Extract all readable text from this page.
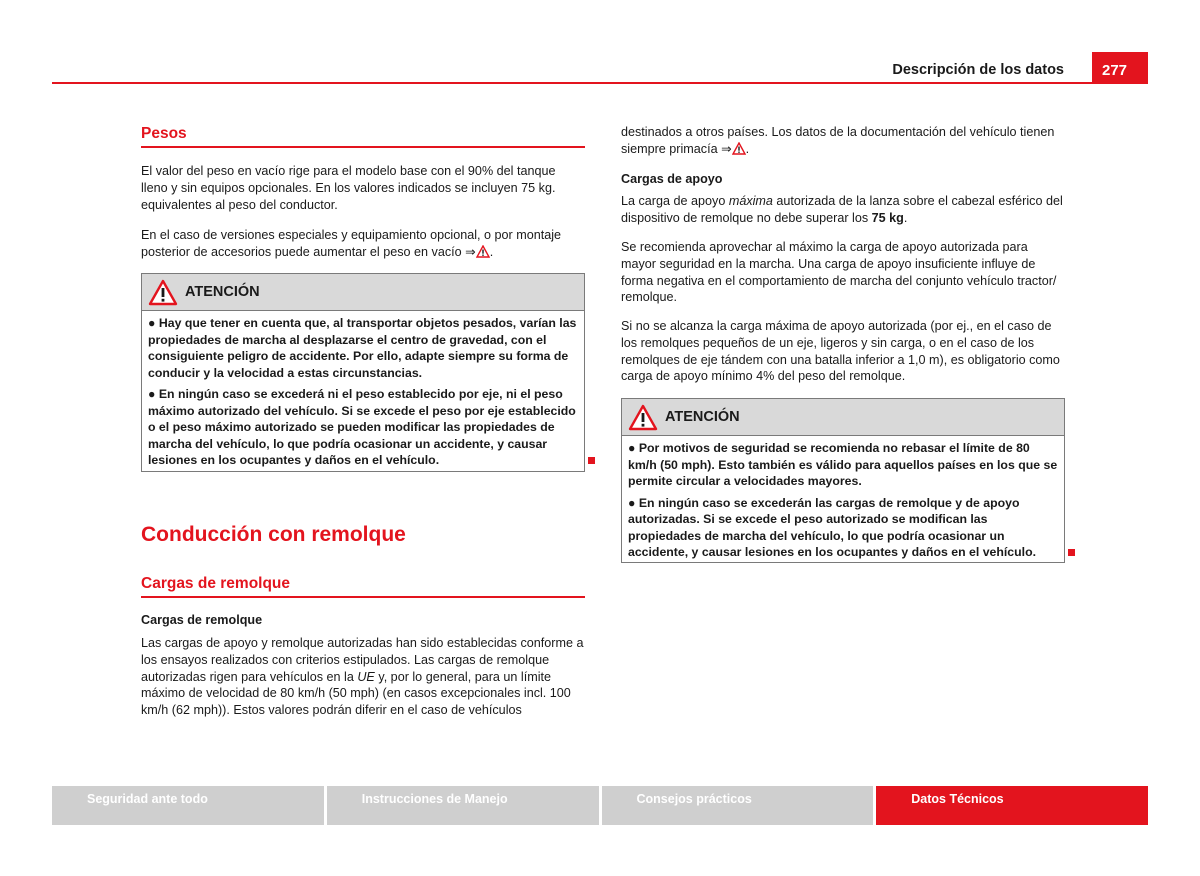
Descripción de los datos	277
Pesos

El valor del peso en vacío rige para el modelo base con el 90% del tanque lleno y sin equipos opcionales. En los valores indicados se incluyen 75 kg. equivalentes al peso del conductor.

En el caso de versiones especiales y equipamiento opcional, o por montaje posterior de accesorios puede aumentar el peso en vacío ⇒ .

ATENCIÓN

● Hay que tener en cuenta que, al transportar objetos pesados, varían las propiedades de marcha al desplazarse el centro de gravedad, con el consiguiente peligro de accidente. Por ello, adapte siempre su forma de conducir y la velocidad a estas circunstancias.

● En ningún caso se excederá ni el peso establecido por eje, ni el peso máximo autorizado del vehículo. Si se excede el peso por eje establecido o el peso máximo autorizado se pueden modificar las propiedades de marcha del vehículo, lo que podría ocasionar un accidente, y causar lesiones en los ocupantes y daños en el vehículo.

Conducción con remolque
Cargas de remolque
Cargas de remolque

Las cargas de apoyo y remolque autorizadas han sido establecidas conforme a los ensayos realizados con criterios estipulados. Las cargas de remolque autorizadas rigen para vehículos en la UE y, por lo general, para un límite máximo de velocidad de 80 km/h (50 mph) (en casos excepcionales incl. 100 km/h (62 mph)). Estos valores podrán diferir en el caso de vehículos

destinados a otros países. Los datos de la documentación del vehículo tienen siempre primacía ⇒ .

Cargas de apoyo

La carga de apoyo máxima autorizada de la lanza sobre el cabezal esférico del dispositivo de remolque no debe superar los 75 kg.

Se recomienda aprovechar al máximo la carga de apoyo autorizada para mayor seguridad en la marcha. Una carga de apoyo insuficiente influye de forma negativa en el comportamiento de marcha del conjunto vehículo tractor/ remolque.

Si no se alcanza la carga máxima de apoyo autorizada (por ej., en el caso de los remolques pequeños de un eje, ligeros y sin carga, o en el caso de los remolques de eje tándem con una batalla inferior a 1,0 m), es obligatorio como carga de apoyo mínimo 4% del peso del remolque.

ATENCIÓN

● Por motivos de seguridad se recomienda no rebasar el límite de 80 km/h (50 mph). Esto también es válido para aquellos países en los que se permite circular a velocidades mayores.

● En ningún caso se excederán las cargas de remolque y de apoyo autorizadas. Si se excede el peso autorizado se modifican las propiedades de marcha del vehículo, lo que podría ocasionar un accidente, y causar lesiones en los ocupantes y daños en el vehículo.

Seguridad ante todo	Instrucciones de Manejo	Consejos prácticos	Datos Técnicos
